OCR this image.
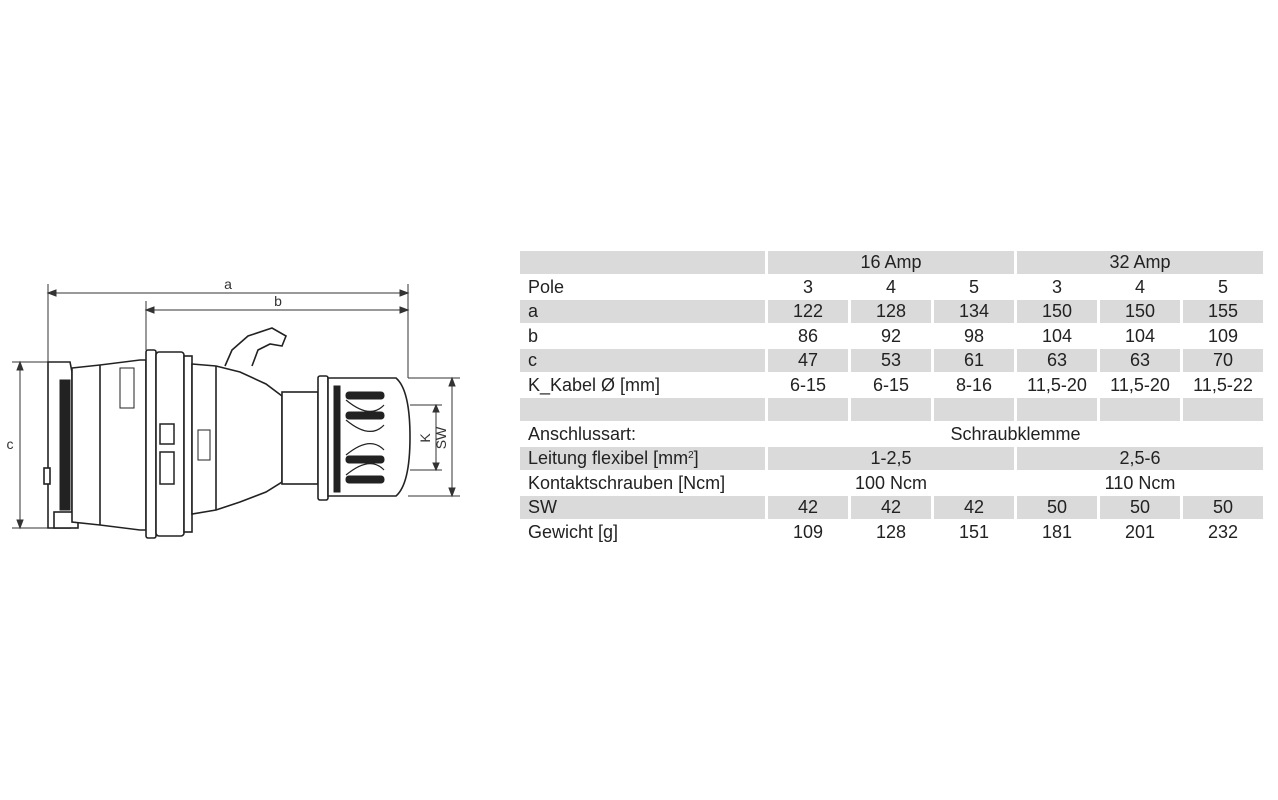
a
b
c	K SW
	16 Amp			32 Amp		
Pole	3	4	5	3	4	5
a	122	128	134	150	150	155
b	86	92	98	104	104	109
c	47	53	61	63	63	70
K_Kabel Ø [mm]	6-15	6-15	8-16	11,5-20	11,5-20	11,5-22

Anschlussart:	Schraubklemme					
Leitung flexibel $[mm^2]$	1-2,5			2,5-6		
Kontaktschrauben [Ncm]	100 Ncm			110 Ncm		
SW	42	42	42	50	50	50
Gewicht [g]	109	128	151	181	201	232
